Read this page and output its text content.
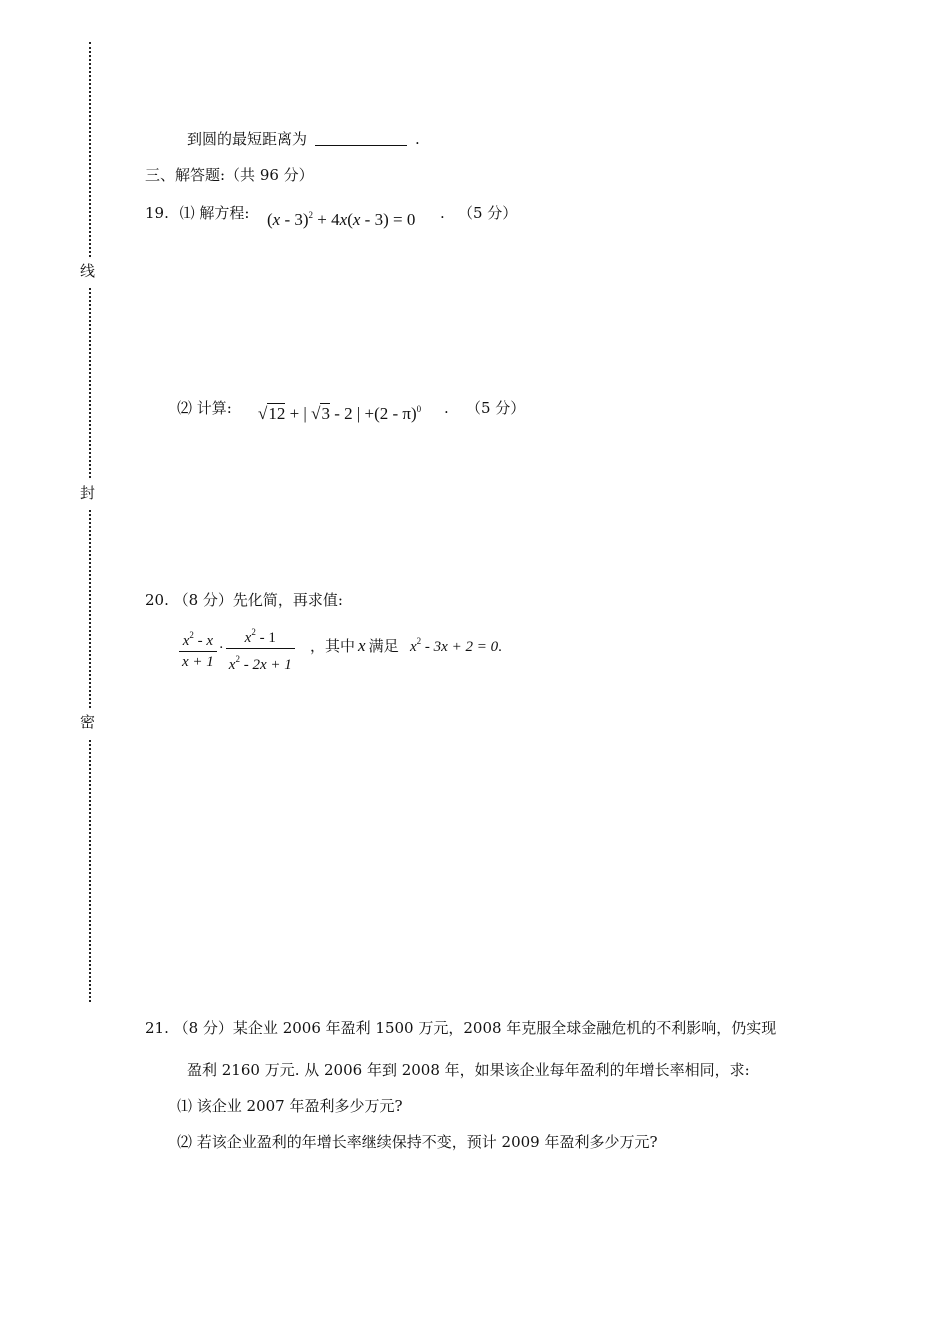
线
封
密
到圆的最短距离为	.
三、解答题:（共 96 分）
19. ⑴ 解方程: (x - 3)$^2$ + 4x(x - 3) = 0 . （5 分）
⑵ 计算: √12 + | √3 - 2 | +(2 - π)$^0$ . （5 分）
20. （8 分）先化简，再求值:
$\frac{x^2 - x}{x + 1} \cdot \frac{x^2 - 1}{x^2 - 2x + 1}$ ，其中 x 满足 $x^2 - 3x + 2 = 0$.
21. （8 分）某企业 2006 年盈利 1500 万元，2008 年克服全球金融危机的不利影响，仍实现
盈利 2160 万元. 从 2006 年到 2008 年，如果该企业每年盈利的年增长率相同，求:
⑴ 该企业 2007 年盈利多少万元?
⑵ 若该企业盈利的年增长率继续保持不变，预计 2009 年盈利多少万元?
